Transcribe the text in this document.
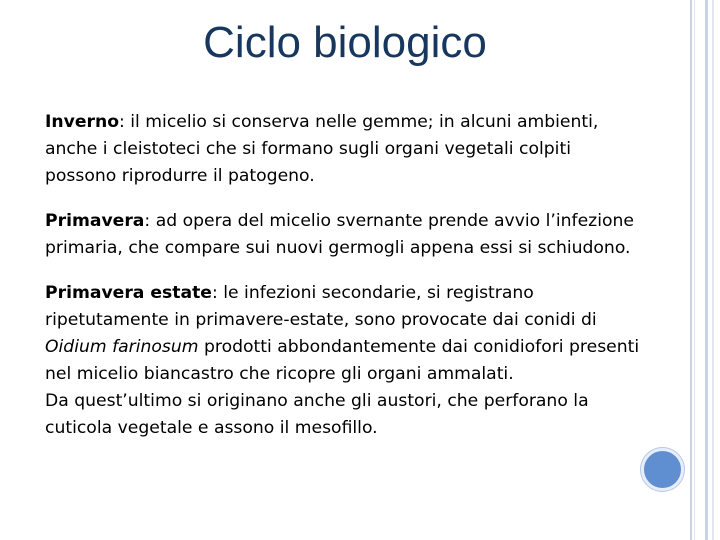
Ciclo biologico

Inverno: il micelio si conserva nelle gemme; in alcuni ambienti, anche i cleistoteci che si formano sugli organi vegetali colpiti possono riprodurre il patogeno.

Primavera: ad opera del micelio svernante prende avvio l’infezione primaria, che compare sui nuovi germogli appena essi si schiudono.

Primavera estate: le infezioni secondarie, si registrano ripetutamente in primavere-estate, sono provocate dai conidi di Oidium farinosum prodotti abbondantemente dai conidiofori presenti nel micelio biancastro che ricopre gli organi ammalati.
Da quest’ultimo si originano anche gli austori, che perforano la cuticola vegetale e assono il mesofillo.
